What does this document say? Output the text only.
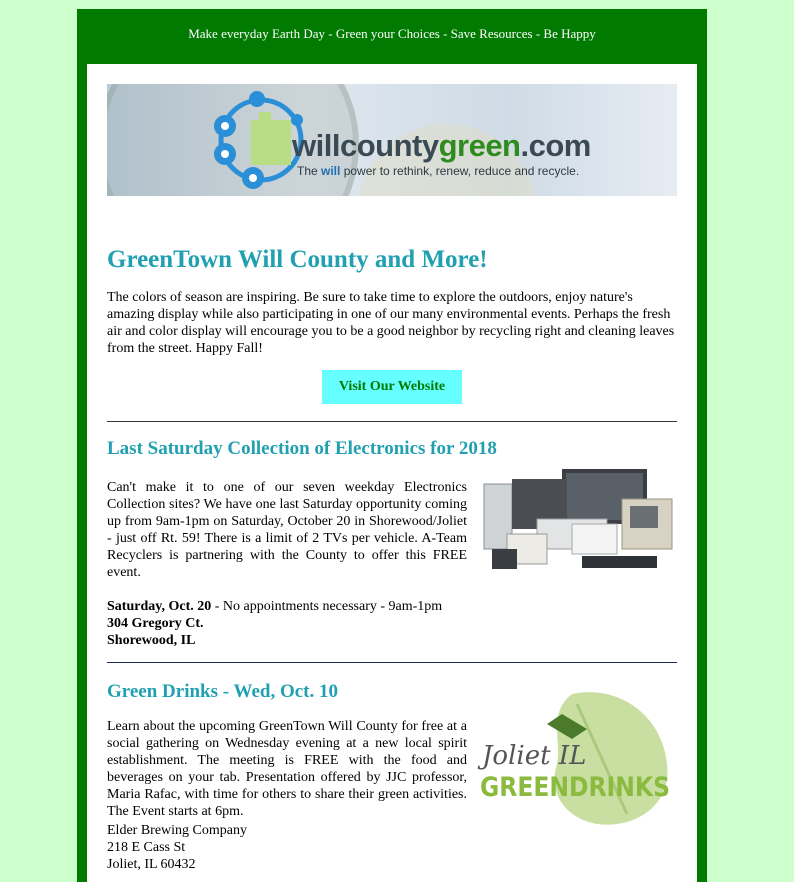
Make everyday Earth Day - Green your Choices - Save Resources - Be Happy
willcountygreen.com
The will power to rethink, renew, reduce and recycle.
GreenTown Will County and More!

The colors of season are inspiring. Be sure to take time to explore the outdoors, enjoy nature's amazing display while also participating in one of our many environmental events. Perhaps the fresh air and color display will encourage you to be a good neighbor by recycling right and cleaning leaves from the street. Happy Fall!

Visit Our Website
Last Saturday Collection of Electronics for 2018

Can't make it to one of our seven weekday Electronics Collection sites? We have one last Saturday opportunity coming up from 9am-1pm on Saturday, October 20 in Shorewood/Joliet - just off Rt. 59! There is a limit of 2 TVs per vehicle. A-Team Recyclers is partnering with the County to offer this FREE event.

Saturday, Oct. 20 - No appointments necessary - 9am-1pm
304 Gregory Ct.
Shorewood, IL
Green Drinks - Wed, Oct. 10

Learn about the upcoming GreenTown Will County for free at a social gathering on Wednesday evening at a new local spirit establishment. The meeting is FREE with the food and beverages on your tab. Presentation offered by JJC professor, Maria Rafac, with time for others to share their green activities. The Event starts at 6pm.

Elder Brewing Company
218 E Cass St
Joliet, IL 60432
Joliet IL
GREENDRINKS
